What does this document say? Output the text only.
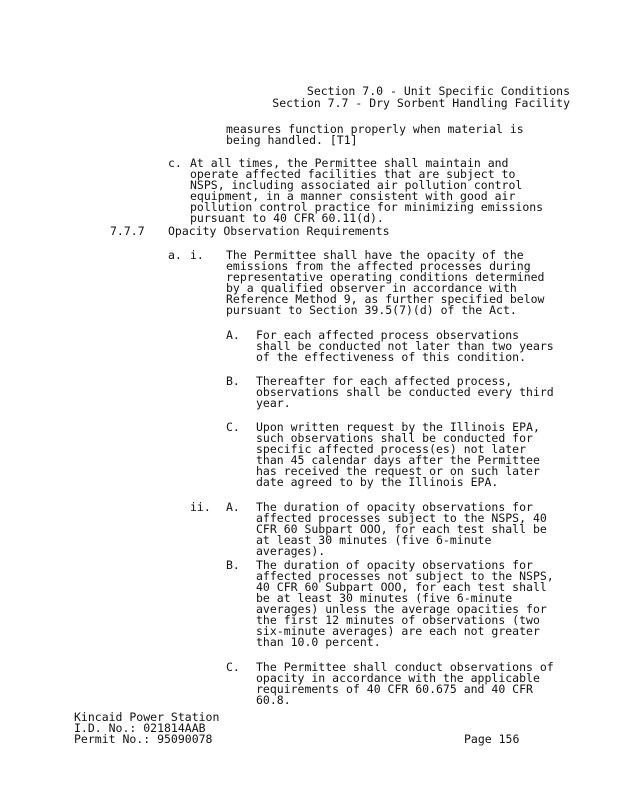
Section 7.0 - Unit Specific Conditions
Section 7.7 - Dry Sorbent Handling Facility

measures function properly when material is being handled. [T1]

c. At all times, the Permittee shall maintain and operate affected facilities that are subject to NSPS, including associated air pollution control equipment, in a manner consistent with good air pollution control practice for minimizing emissions pursuant to 40 CFR 60.11(d).

7.7.7 Opacity Observation Requirements
a. i. The Permittee shall have the opacity of the emissions from the affected processes during representative operating conditions determined by a qualified observer in accordance with Reference Method 9, as further specified below pursuant to Section 39.5(7)(d) of the Act.

A. For each affected process observations shall be conducted not later than two years of the effectiveness of this condition.

B. Thereafter for each affected process, observations shall be conducted every third year.

C. Upon written request by the Illinois EPA, such observations shall be conducted for specific affected process(es) not later than 45 calendar days after the Permittee has received the request or on such later date agreed to by the Illinois EPA.

ii. A. The duration of opacity observations for affected processes subject to the NSPS, 40 CFR 60 Subpart OOO, for each test shall be at least 30 minutes (five 6-minute averages).

B. The duration of opacity observations for affected processes not subject to the NSPS, 40 CFR 60 Subpart OOO, for each test shall be at least 30 minutes (five 6-minute averages) unless the average opacities for the first 12 minutes of observations (two six-minute averages) are each not greater than 10.0 percent.

C. The Permittee shall conduct observations of opacity in accordance with the applicable requirements of 40 CFR 60.675 and 40 CFR 60.8.

Kincaid Power Station
I.D. No.: 021814AAB
Permit No.: 95090078	Page 156
